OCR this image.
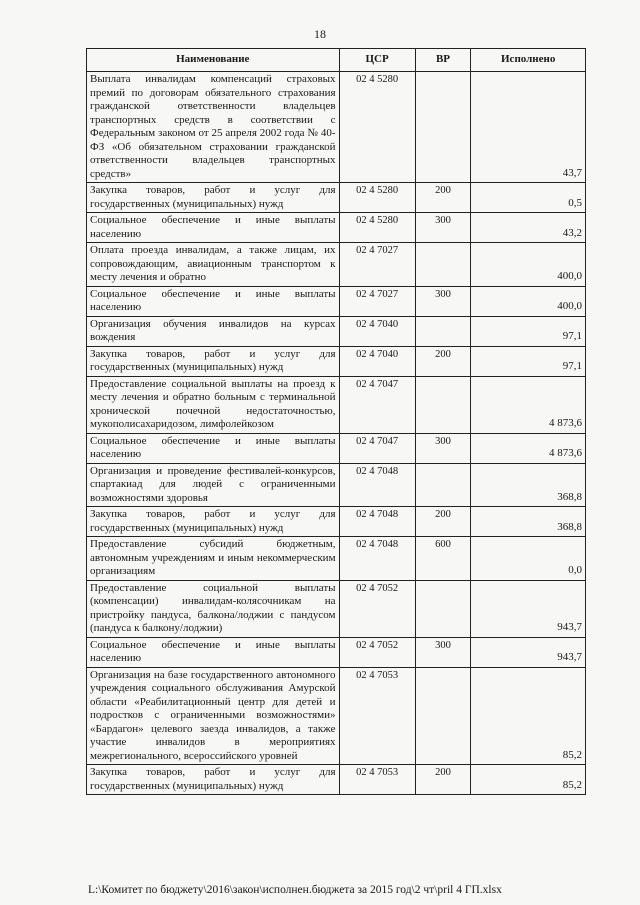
18
Наименование	ЦСР	ВР	Исполнено
Выплата инвалидам компенсаций страховых премий по договорам обязательного страхования гражданской ответственности владельцев транспортных средств в соответствии с Федеральным законом от 25 апреля 2002 года № 40-ФЗ «Об обязательном страховании гражданской ответственности владельцев транспортных средств»	02 4 5280		43,7

Закупка товаров, работ и услуг для государственных (муниципальных) нужд	02 4 5280	200	0,5

Социальное обеспечение и иные выплаты населению	02 4 5280	300	43,2

Оплата проезда инвалидам, а также лицам, их сопровождающим, авиационным транспортом к месту лечения и обратно	02 4 7027		400,0

Социальное обеспечение и иные выплаты населению	02 4 7027	300	400,0

Организация обучения инвалидов на курсах вождения	02 4 7040		97,1

Закупка товаров, работ и услуг для государственных (муниципальных) нужд	02 4 7040	200	97,1

Предоставление социальной выплаты на проезд к месту лечения и обратно больным с терминальной хронической почечной недостаточностью, мукополисахаридозом, лимфолейкозом	02 4 7047		4 873,6

Социальное обеспечение и иные выплаты населению	02 4 7047	300	4 873,6

Организация и проведение фестивалей-конкурсов, спартакиад для людей с ограниченными возможностями здоровья	02 4 7048		368,8

Закупка товаров, работ и услуг для государственных (муниципальных) нужд	02 4 7048	200	368,8

Предоставление субсидий бюджетным, автономным учреждениям и иным некоммерческим организациям	02 4 7048	600	0,0

Предоставление социальной выплаты (компенсации) инвалидам-колясочникам на пристройку пандуса, балкона/лоджии с пандусом (пандуса к балкону/лоджии)	02 4 7052		943,7

Социальное обеспечение и иные выплаты населению	02 4 7052	300	943,7

Организация на базе государственного автономного учреждения социального обслуживания Амурской области «Реабилитационный центр для детей и подростков с ограниченными возможностями» «Бардагон» целевого заезда инвалидов, а также участие инвалидов в мероприятиях межрегионального, всероссийского уровней	02 4 7053		85,2

Закупка товаров, работ и услуг для государственных (муниципальных) нужд	02 4 7053	200	85,2
L:\Комитет по бюджету\2016\закон\исполнен.бюджета за 2015 год\2 чт\pril 4 ГП.xlsx
